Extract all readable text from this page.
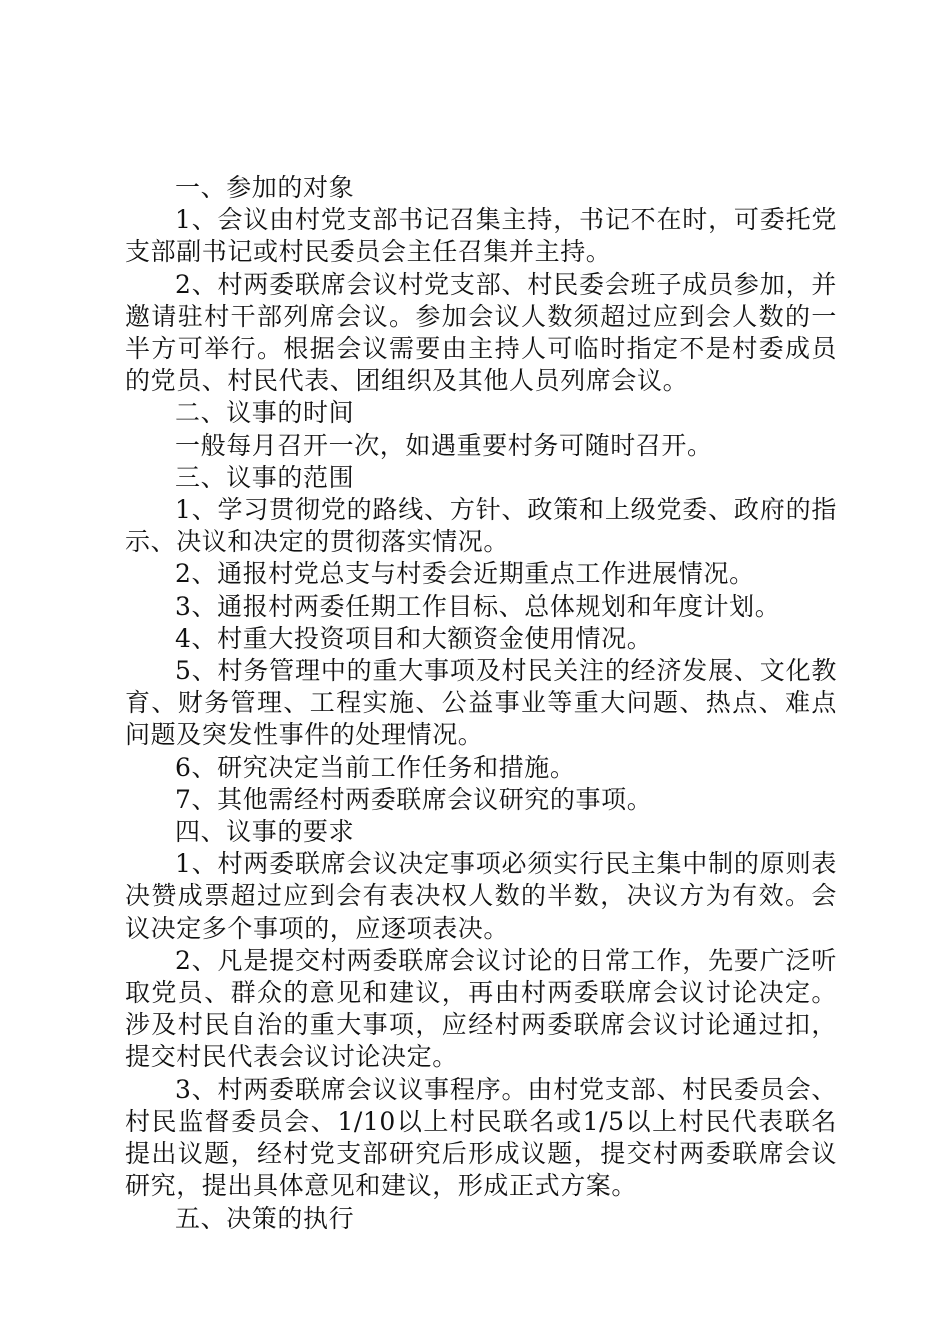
一、参加的对象

1、会议由村党支部书记召集主持，书记不在时，可委托党支部副书记或村民委员会主任召集并主持。

2、村两委联席会议村党支部、村民委会班子成员参加，并邀请驻村干部列席会议。参加会议人数须超过应到会人数的一半方可举行。根据会议需要由主持人可临时指定不是村委成员的党员、村民代表、团组织及其他人员列席会议。

二、议事的时间

一般每月召开一次，如遇重要村务可随时召开。

三、议事的范围

1、学习贯彻党的路线、方针、政策和上级党委、政府的指示、决议和决定的贯彻落实情况。

2、通报村党总支与村委会近期重点工作进展情况。

3、通报村两委任期工作目标、总体规划和年度计划。

4、村重大投资项目和大额资金使用情况。

5、村务管理中的重大事项及村民关注的经济发展、文化教育、财务管理、工程实施、公益事业等重大问题、热点、难点问题及突发性事件的处理情况。

6、研究决定当前工作任务和措施。

7、其他需经村两委联席会议研究的事项。

四、议事的要求

1、村两委联席会议决定事项必须实行民主集中制的原则表决赞成票超过应到会有表决权人数的半数，决议方为有效。会议决定多个事项的，应逐项表决。

2、凡是提交村两委联席会议讨论的日常工作，先要广泛听取党员、群众的意见和建议，再由村两委联席会议讨论决定。涉及村民自治的重大事项，应经村两委联席会议讨论通过扣，提交村民代表会议讨论决定。

3、村两委联席会议议事程序。由村党支部、村民委员会、村民监督委员会、1/10以上村民联名或1/5以上村民代表联名提出议题，经村党支部研究后形成议题，提交村两委联席会议研究，提出具体意见和建议，形成正式方案。

五、决策的执行
